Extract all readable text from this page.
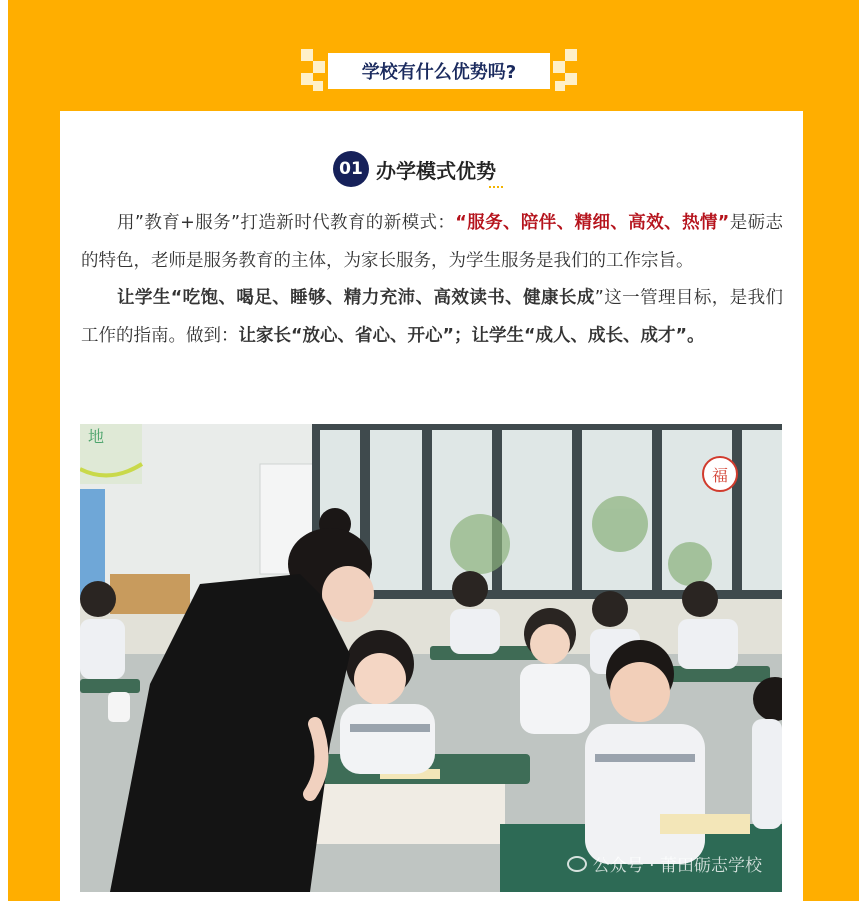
学校有什么优势吗?
01 办学模式优势

用”教育+服务”打造新时代教育的新模式：“服务、陪伴、精细、高效、热情”是砺志的特色，老师是服务教育的主体，为家长服务，为学生服务是我们的工作宗旨。

让学生“吃饱、喝足、睡够、精力充沛、高效读书、健康长成”这一管理目标，是我们工作的指南。做到：让家长“放心、省心、开心”；让学生“成人、成长、成才”。

地
福
公众号 · 莆田砺志学校
